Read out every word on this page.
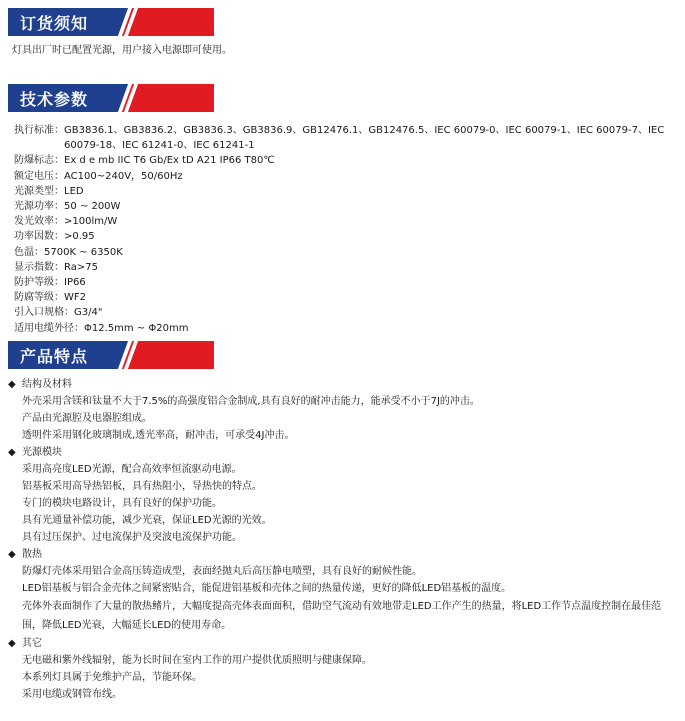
订货须知
灯具出厂时已配置光源，用户接入电源即可使用。
技术参数
执行标准： GB3836.1、GB3836.2、GB3836.3、GB3836.9、GB12476.1、GB12476.5、IEC 60079-0、IEC 60079-1、IEC 60079-7、IEC 60079-18、IEC 61241-0、IEC 61241-1
防爆标志： Ex d e mb IIC T6 Gb/Ex tD A21 IP66 T80℃
额定电压： AC100~240V，50/60Hz
光源类型： LED
光源功率： 50 ~ 200W
发光效率： >100lm/W
功率因数： >0.95
色温： 5700K ~ 6350K
显示指数： Ra>75
防护等级： IP66
防腐等级： WF2
引入口规格： G3/4"
适用电缆外径： Φ12.5mm ~ Φ20mm
产品特点
◆ 结构及材料
外壳采用含镁和钛量不大于7.5%的高强度铝合金制成,具有良好的耐冲击能力，能承受不小于7J的冲击。
产品由光源腔及电器腔组成。
透明件采用钢化玻璃制成,透光率高，耐冲击，可承受4J冲击。
◆ 光源模块
采用高亮度LED光源，配合高效率恒流驱动电源。
铝基板采用高导热铝板，具有热阻小，导热快的特点。
专门的模块电路设计，具有良好的保护功能。
具有光通量补偿功能，减少光衰，保证LED光源的光效。
具有过压保护、过电流保护及突波电流保护功能。
◆ 散热
防爆灯壳体采用铝合金高压铸造成型，表面经抛丸后高压静电喷塑，具有良好的耐候性能。
LED铝基板与铝合金壳体之间紧密贴合，能促进铝基板和壳体之间的热量传递，更好的降低LED铝基板的温度。
壳体外表面制作了大量的散热鳍片，大幅度提高壳体表面面积，借助空气流动有效地带走LED工作产生的热量，将LED工作节点温度控制在最佳范围，降低LED光衰，大幅延长LED的使用寿命。
◆ 其它
无电磁和紫外线辐射，能为长时间在室内工作的用户提供优质照明与健康保障。
本系列灯具属于免维护产品，节能环保。
采用电缆或钢管布线。
